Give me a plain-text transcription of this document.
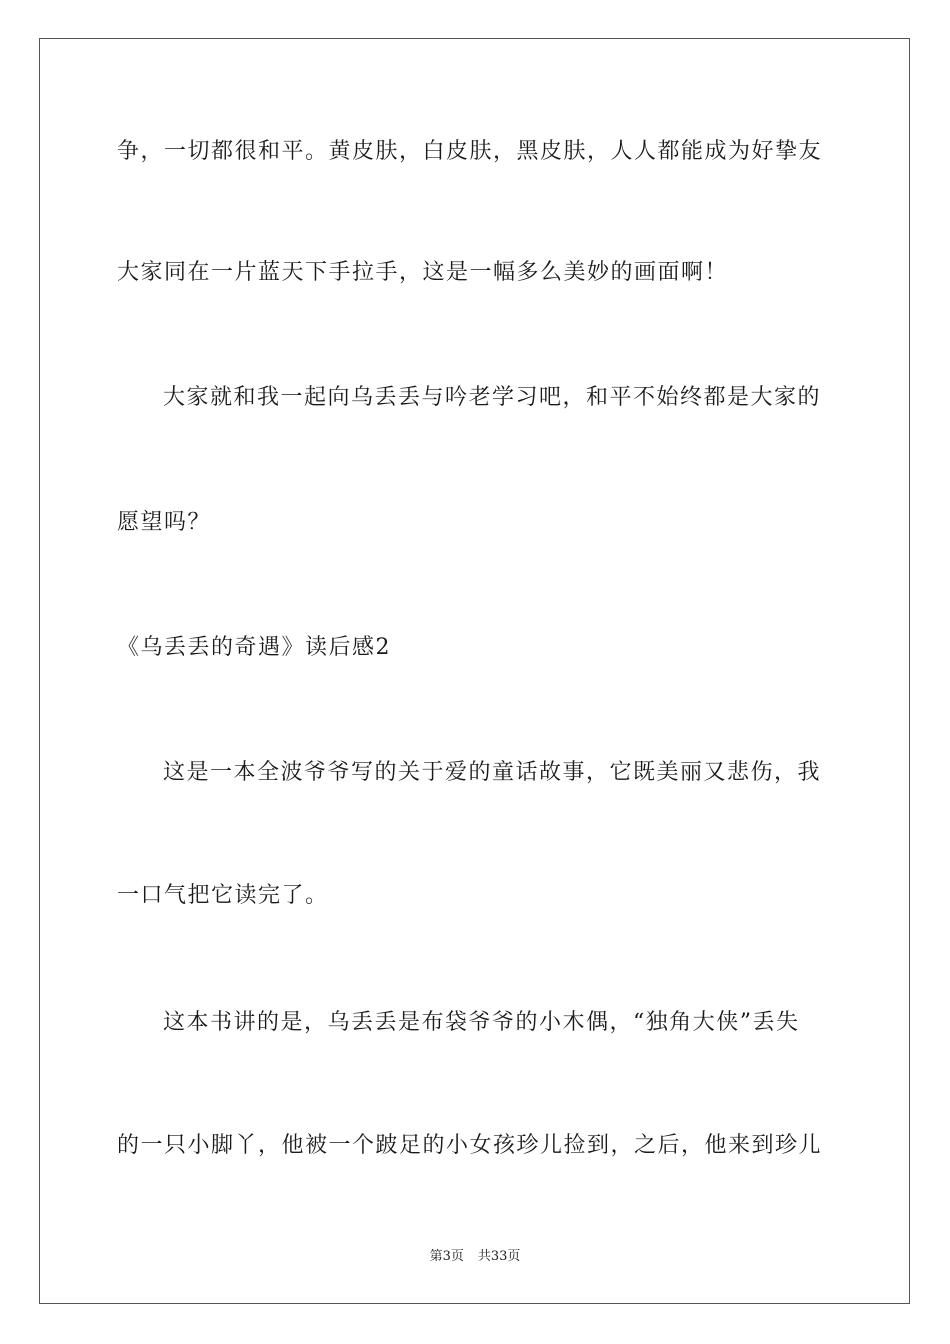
争，一切都很和平。黄皮肤，白皮肤，黑皮肤，人人都能成为好挚友
大家同在一片蓝天下手拉手，这是一幅多么美妙的画面啊！
大家就和我一起向乌丢丢与吟老学习吧，和平不始终都是大家的
愿望吗？
《乌丢丢的奇遇》读后感2
这是一本全波爷爷写的关于爱的童话故事，它既美丽又悲伤，我
一口气把它读完了。
这本书讲的是，乌丢丢是布袋爷爷的小木偶，“独角大侠”丢失
的一只小脚丫，他被一个跛足的小女孩珍儿捡到，之后，他来到珍儿
第3页 共33页
